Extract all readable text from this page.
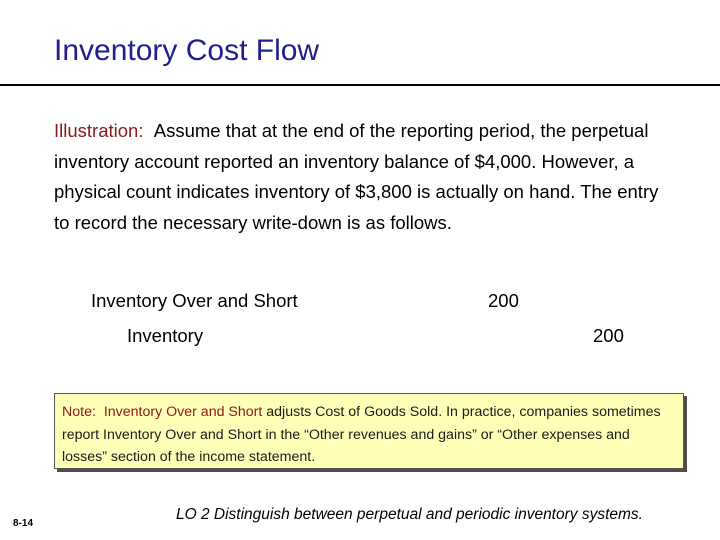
Inventory Cost Flow
Illustration: Assume that at the end of the reporting period, the perpetual inventory account reported an inventory balance of $4,000. However, a physical count indicates inventory of $3,800 is actually on hand. The entry to record the necessary write-down is as follows.
Inventory Over and Short	200
Inventory	200
Note: Inventory Over and Short adjusts Cost of Goods Sold. In practice, companies sometimes report Inventory Over and Short in the “Other revenues and gains” or “Other expenses and losses” section of the income statement.
8-14
LO 2 Distinguish between perpetual and periodic inventory systems.
